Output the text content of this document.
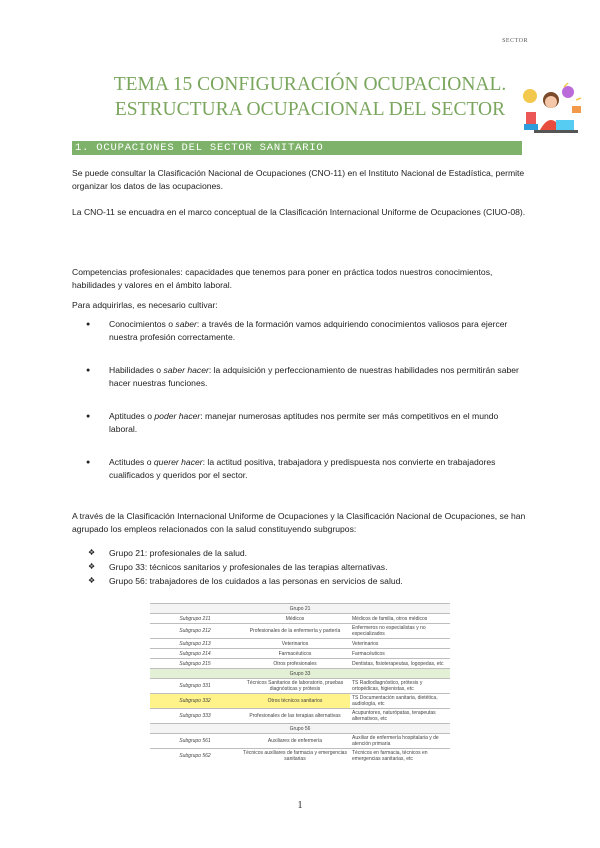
SECTOR
TEMA 15 CONFIGURACIÓN OCUPACIONAL.
ESTRUCTURA OCUPACIONAL DEL SECTOR
1. OCUPACIONES DEL SECTOR SANITARIO
Se puede consultar la Clasificación Nacional de Ocupaciones (CNO-11) en el Instituto Nacional de Estadística, permite organizar los datos de las ocupaciones.
La CNO-11 se encuadra en el marco conceptual de la Clasificación Internacional Uniforme de Ocupaciones (CIUO-08).
Competencias profesionales: capacidades que tenemos para poner en práctica todos nuestros conocimientos, habilidades y valores en el ámbito laboral.
Para adquirirlas, es necesario cultivar:
● Conocimientos o saber: a través de la formación vamos adquiriendo conocimientos valiosos para ejercer nuestra profesión correctamente.
● Habilidades o saber hacer: la adquisición y perfeccionamiento de nuestras habilidades nos permitirán saber hacer nuestras funciones.
● Aptitudes o poder hacer: manejar numerosas aptitudes nos permite ser más competitivos en el mundo laboral.
● Actitudes o querer hacer: la actitud positiva, trabajadora y predispuesta nos convierte en trabajadores cualificados y queridos por el sector.
A través de la Clasificación Internacional Uniforme de Ocupaciones y la Clasificación Nacional de Ocupaciones, se han agrupado los empleos relacionados con la salud constituyendo subgrupos:
❖ Grupo 21: profesionales de la salud.
❖ Grupo 33: técnicos sanitarios y profesionales de las terapias alternativas.
❖ Grupo 56: trabajadores de los cuidados a las personas en servicios de salud.
Grupo 21		
Subgrupo 211	Médicos	Médicos de familia, otros médicos
Subgrupo 212	Profesionales de la enfermería y partería	Enfermeros no especialistas y no especializados
Subgrupo 213	Veterinarios	Veterinarios
Subgrupo 214	Farmacéuticos	Farmacéuticos
Subgrupo 215	Otros profesionales	Dentistas, fisioterapeutas, logopedas, etc
Grupo 33		
Subgrupo 331	Técnicos Sanitarios de laboratorio, pruebas diagnósticas y prótesis	TS Radiodiagnóstico, prótesis y ortopédicas, higienistas, etc
Subgrupo 332	Otros técnicos sanitarios	TS Documentación sanitaria, dietética, audiología, etc
Subgrupo 333	Profesionales de las terapias alternativas	Acupuntores, naturópatas, terapeutas alternativos, etc
Grupo 56		
Subgrupo 561	Auxiliares de enfermería	Auxiliar de enfermería hospitalaria y de atención primaria
Subgrupo 562	Técnicos auxiliares de farmacia y emergencias sanitarias	Técnicos en farmacia, técnicos en emergencias sanitarias, etc
1
